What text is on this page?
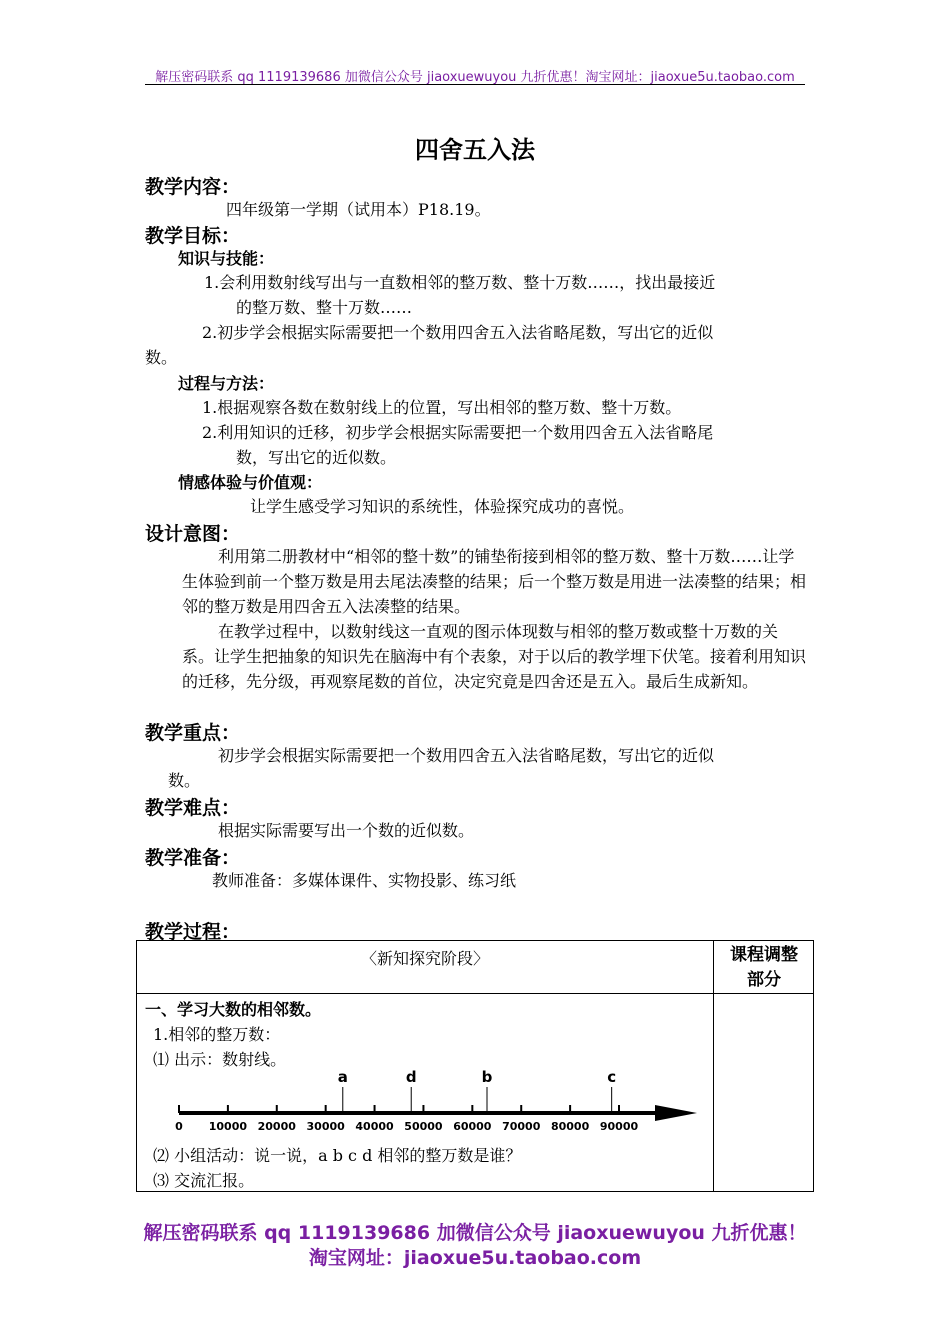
解压密码联系 qq 1119139686 加微信公众号 jiaoxuewuyou 九折优惠！淘宝网址：jiaoxue5u.taobao.com
四舍五入法
教学内容：
四年级第一学期（试用本）P18.19。
教学目标：
知识与技能：
1.会利用数射线写出与一直数相邻的整万数、整十万数……，找出最接近
的整万数、整十万数……
2.初步学会根据实际需要把一个数用四舍五入法省略尾数，写出它的近似
数。
过程与方法：
1.根据观察各数在数射线上的位置，写出相邻的整万数、整十万数。
2.利用知识的迁移，初步学会根据实际需要把一个数用四舍五入法省略尾
数，写出它的近似数。
情感体验与价值观：
让学生感受学习知识的系统性，体验探究成功的喜悦。
设计意图：
利用第二册教材中“相邻的整十数”的铺垫衔接到相邻的整万数、整十万数……让学生体验到前一个整万数是用去尾法凑整的结果；后一个整万数是用进一法凑整的结果；相邻的整万数是用四舍五入法凑整的结果。
在教学过程中，以数射线这一直观的图示体现数与相邻的整万数或整十万数的关系。让学生把抽象的知识先在脑海中有个表象，对于以后的教学埋下伏笔。接着利用知识的迁移，先分级，再观察尾数的首位，决定究竟是四舍还是五入。最后生成新知。
教学重点：
初步学会根据实际需要把一个数用四舍五入法省略尾数，写出它的近似
数。
教学难点：
根据实际需要写出一个数的近似数。
教学准备：
教师准备：多媒体课件、实物投影、练习纸
教学过程：
〈新知探究阶段〉	课程调整
部分
一、学习大数的相邻数。
1.相邻的整万数：
⑴ 出示：数射线。
a	d	b	c
0 10000 20000 30000 40000 50000 60000 70000 80000 90000
⑵ 小组活动：说一说，a b c d 相邻的整万数是谁？
⑶ 交流汇报。
解压密码联系 qq 1119139686 加微信公众号 jiaoxuewuyou 九折优惠！
淘宝网址：jiaoxue5u.taobao.com
